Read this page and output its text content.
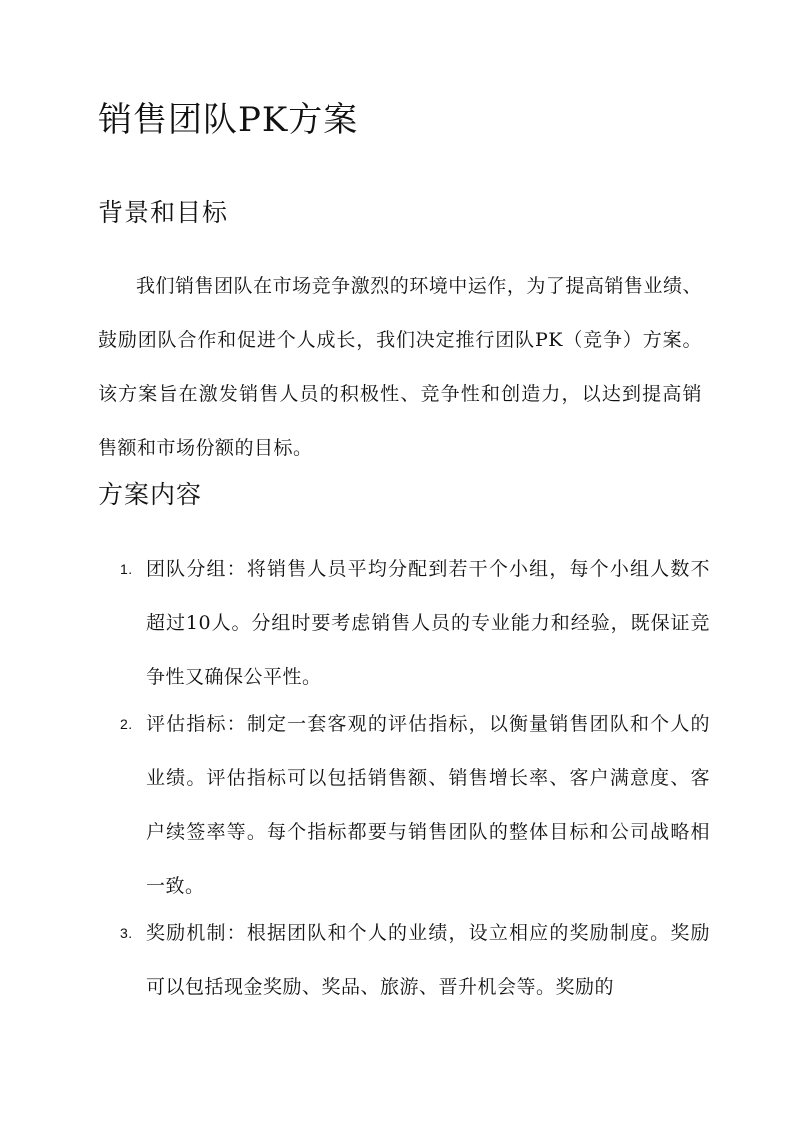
销售团队PK方案
背景和目标

我们销售团队在市场竞争激烈的环境中运作，为了提高销售业绩、鼓励团队合作和促进个人成长，我们决定推行团队PK（竞争）方案。该方案旨在激发销售人员的积极性、竞争性和创造力，以达到提高销售额和市场份额的目标。

方案内容
1. 团队分组：将销售人员平均分配到若干个小组，每个小组人数不超过10人。分组时要考虑销售人员的专业能力和经验，既保证竞争性又确保公平性。

2. 评估指标：制定一套客观的评估指标，以衡量销售团队和个人的业绩。评估指标可以包括销售额、销售增长率、客户满意度、客户续签率等。每个指标都要与销售团队的整体目标和公司战略相一致。

3. 奖励机制：根据团队和个人的业绩，设立相应的奖励制度。奖励可以包括现金奖励、奖品、旅游、晋升机会等。奖励的
